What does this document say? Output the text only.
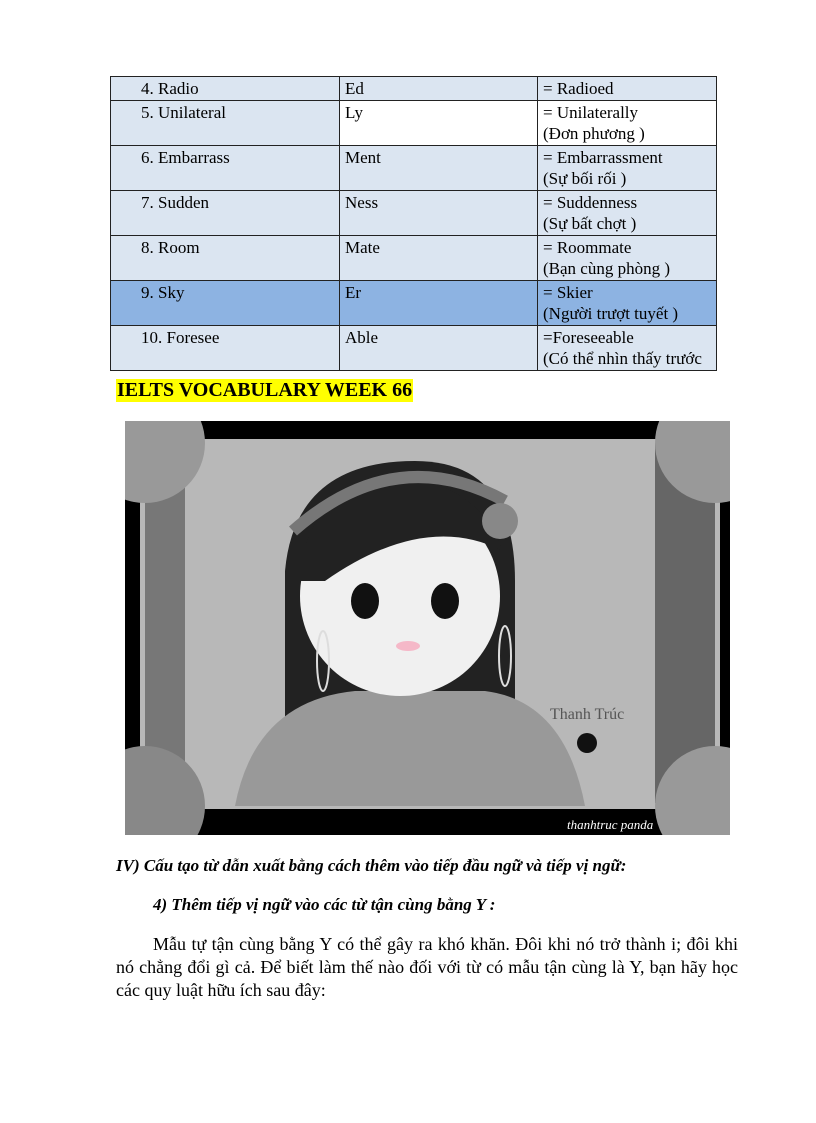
4. Radio	Ed	= Radioed

5. Unilateral	Ly	= Unilaterally
(Đơn phương )

6. Embarrass	Ment	= Embarrassment
(Sự bối rối )

7. Sudden	Ness	= Suddenness
(Sự bất chợt )

8. Room	Mate	= Roommate
(Bạn cùng phòng )

9. Sky	Er	= Skier
(Người trượt tuyết )

10. Foresee	Able	=Foreseeable
(Có thể nhìn thấy trước
IELTS VOCABULARY WEEK 66
Thanh Trúc
thanhtruc panda
IV) Cấu tạo từ dẫn xuất bằng cách thêm vào tiếp đầu ngữ và tiếp vị ngữ:
4) Thêm tiếp vị ngữ vào các từ tận cùng bằng Y :
Mẫu tự tận cùng bằng Y có thể gây ra khó khăn. Đôi khi nó trở thành i; đôi khi nó chẳng đổi gì cả. Để biết làm thế nào đối với từ có mẫu tận cùng là Y, bạn hãy học các quy luật hữu ích sau đây:
